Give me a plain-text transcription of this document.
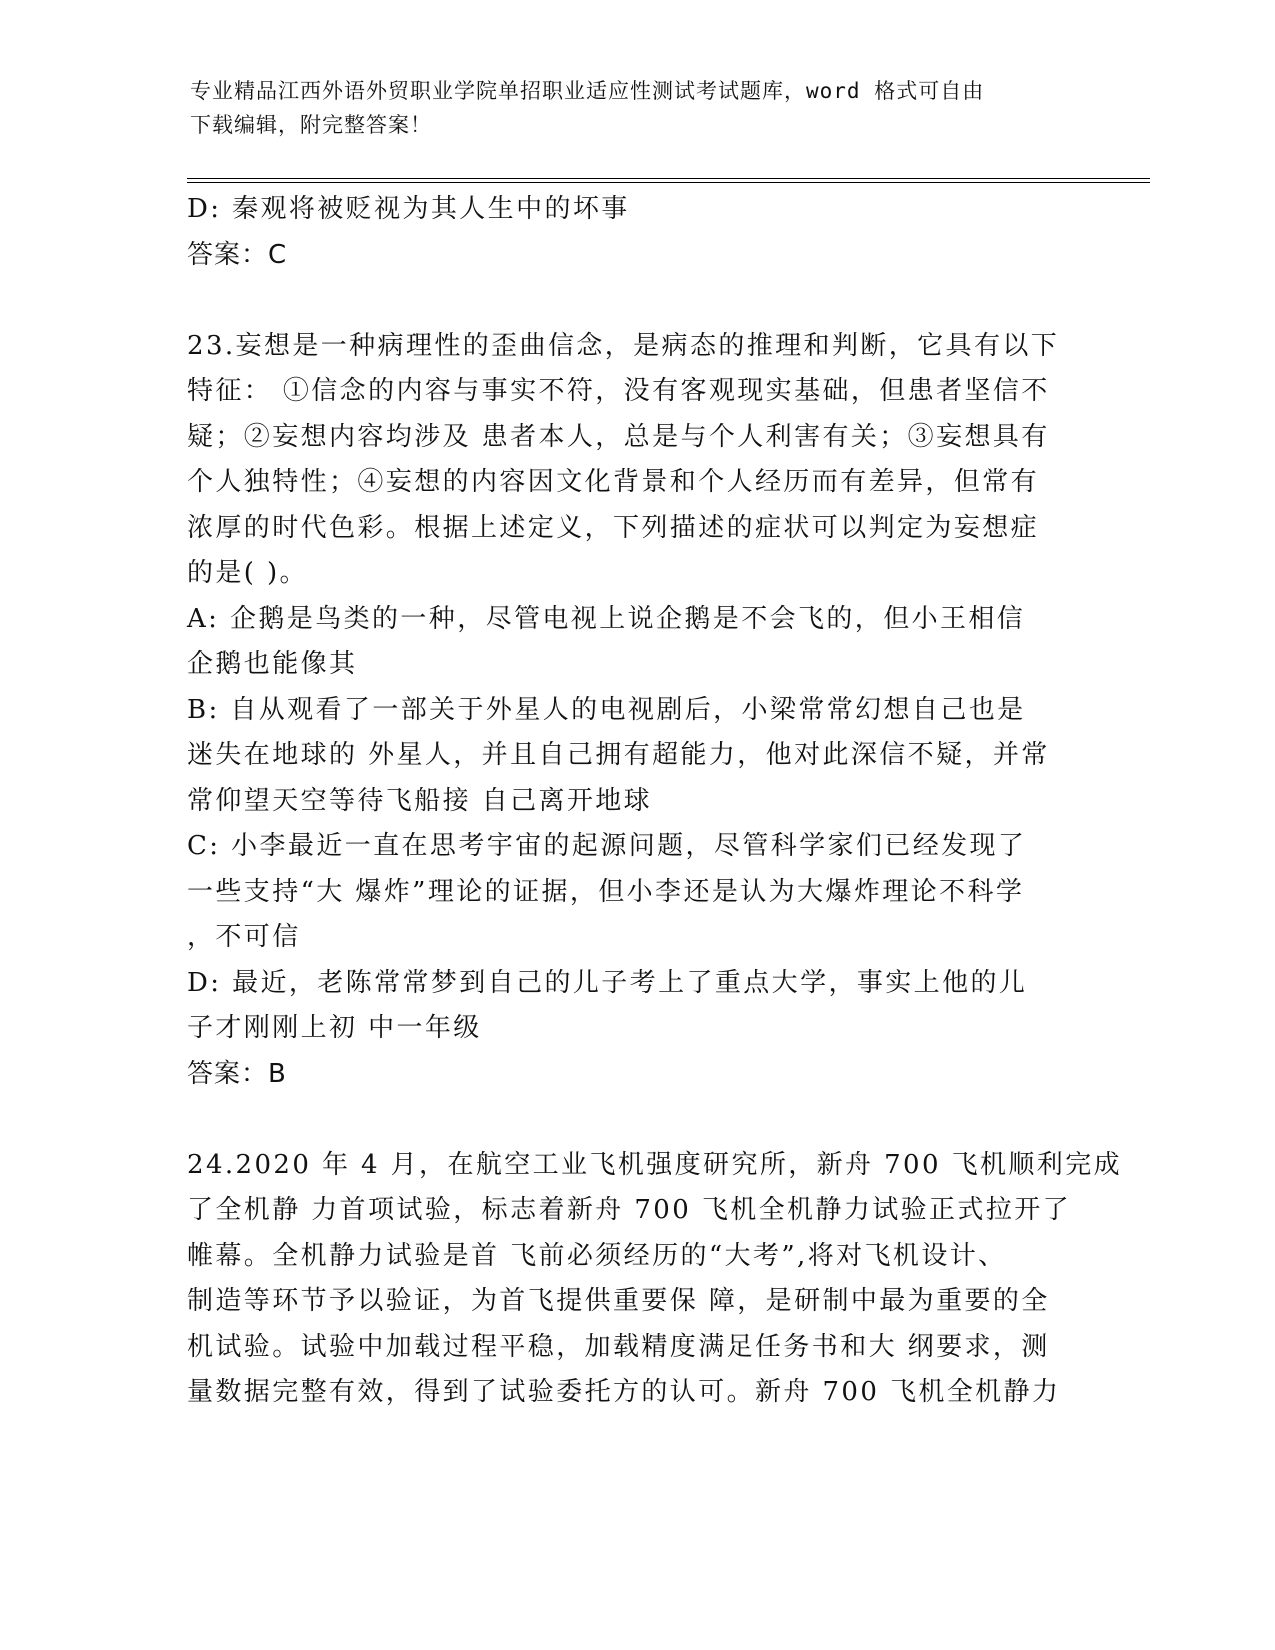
专业精品江西外语外贸职业学院单招职业适应性测试考试题库，word 格式可自由
下载编辑，附完整答案！
D: 秦观将被贬视为其人生中的坏事
答案：C
23.妄想是一种病理性的歪曲信念，是病态的推理和判断，它具有以下
特征： ①信念的内容与事实不符，没有客观现实基础，但患者坚信不
疑；②妄想内容均涉及 患者本人，总是与个人利害有关；③妄想具有
个人独特性；④妄想的内容因文化背景和个人经历而有差异，但常有
浓厚的时代色彩。根据上述定义，下列描述的症状可以判定为妄想症
的是( )。
A: 企鹅是鸟类的一种，尽管电视上说企鹅是不会飞的，但小王相信
企鹅也能像其
B: 自从观看了一部关于外星人的电视剧后，小梁常常幻想自己也是
迷失在地球的 外星人，并且自己拥有超能力，他对此深信不疑，并常
常仰望天空等待飞船接 自己离开地球
C: 小李最近一直在思考宇宙的起源问题，尽管科学家们已经发现了
一些支持“大 爆炸”理论的证据，但小李还是认为大爆炸理论不科学
，不可信
D: 最近，老陈常常梦到自己的儿子考上了重点大学，事实上他的儿
子才刚刚上初 中一年级
答案：B
24.2020 年 4 月，在航空工业飞机强度研究所，新舟 700 飞机顺利完成
了全机静 力首项试验，标志着新舟 700 飞机全机静力试验正式拉开了
帷幕。全机静力试验是首 飞前必须经历的“大考”,将对飞机设计、
制造等环节予以验证，为首飞提供重要保 障，是研制中最为重要的全
机试验。试验中加载过程平稳，加载精度满足任务书和大 纲要求，测
量数据完整有效，得到了试验委托方的认可。新舟 700 飞机全机静力
